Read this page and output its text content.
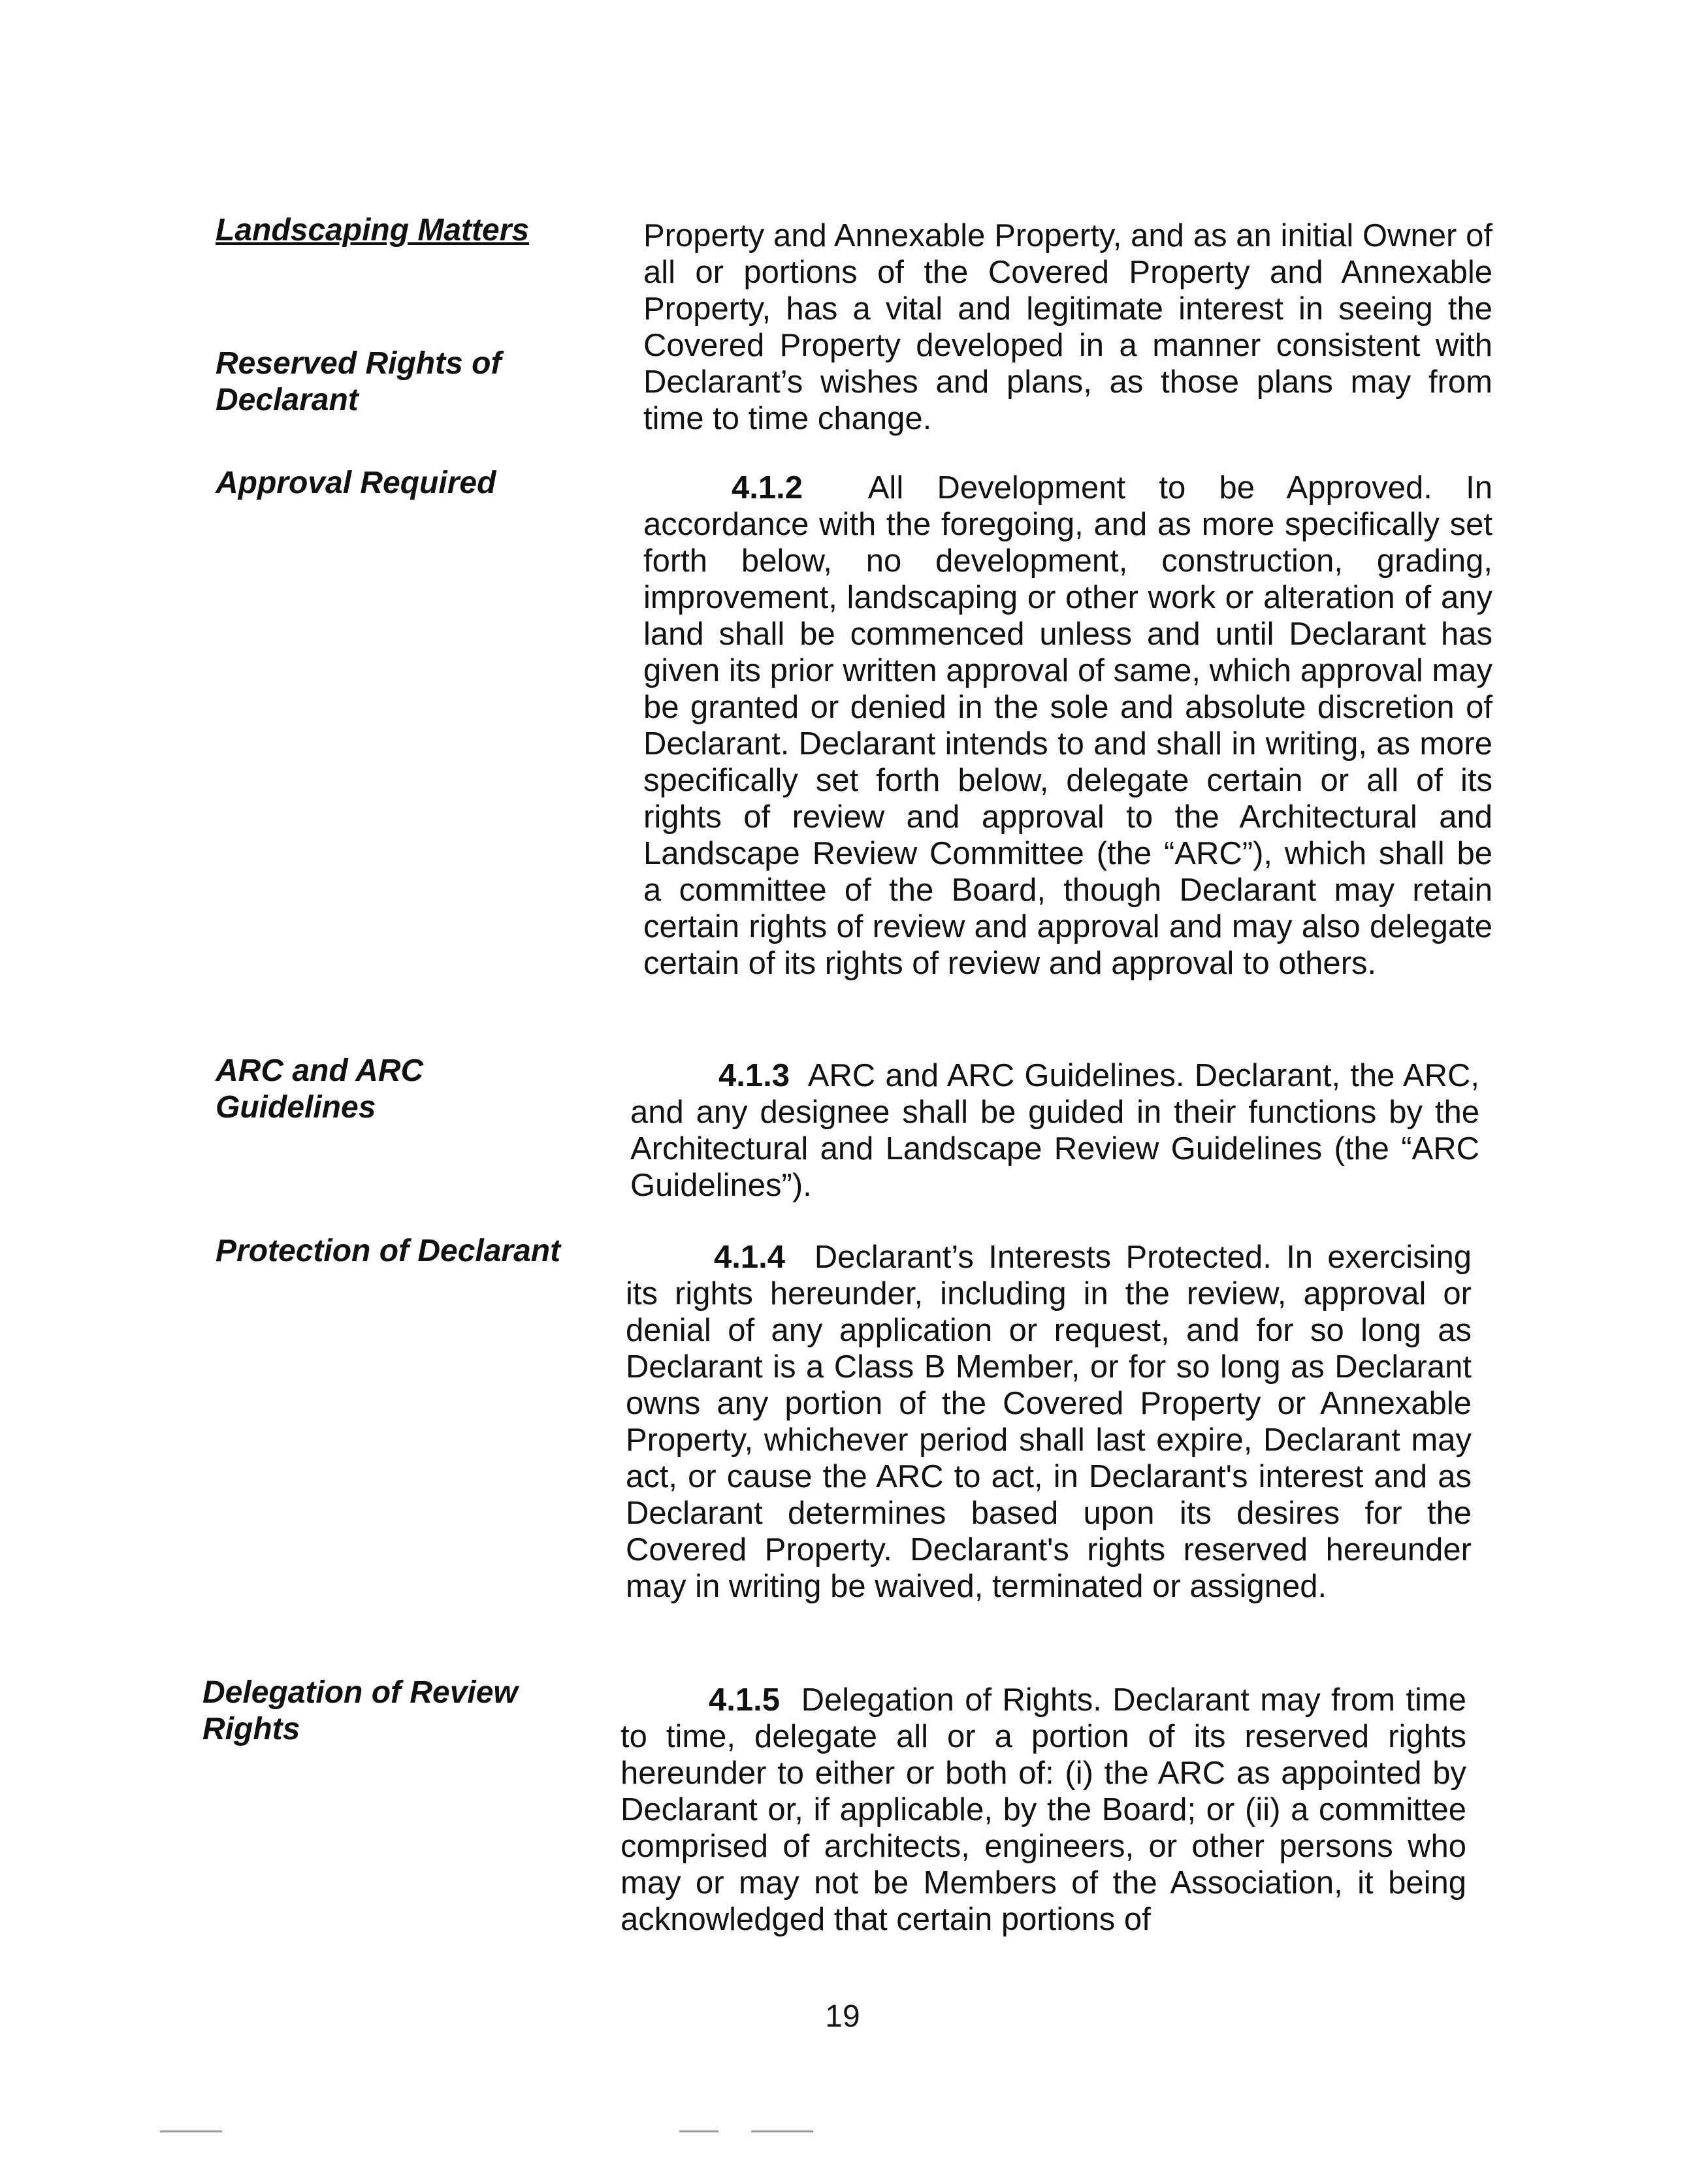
Landscaping Matters
Reserved Rights of Declarant
Approval Required
ARC and ARC Guidelines
Protection of Declarant
Delegation of Review Rights
Property and Annexable Property, and as an initial Owner of all or portions of the Covered Property and Annexable Property, has a vital and legitimate interest in seeing the Covered Property developed in a manner consistent with Declarant’s wishes and plans, as those plans may from time to time change.
4.1.2 All Development to be Approved. In accordance with the foregoing, and as more specifically set forth below, no development, construction, grading, improvement, landscaping or other work or alteration of any land shall be commenced unless and until Declarant has given its prior written approval of same, which approval may be granted or denied in the sole and absolute discretion of Declarant. Declarant intends to and shall in writing, as more specifically set forth below, delegate certain or all of its rights of review and approval to the Architectural and Landscape Review Committee (the “ARC”), which shall be a committee of the Board, though Declarant may retain certain rights of review and approval and may also delegate certain of its rights of review and approval to others.
4.1.3 ARC and ARC Guidelines. Declarant, the ARC, and any designee shall be guided in their functions by the Architectural and Landscape Review Guidelines (the “ARC Guidelines”).
4.1.4 Declarant’s Interests Protected. In exercising its rights hereunder, including in the review, approval or denial of any application or request, and for so long as Declarant is a Class B Member, or for so long as Declarant owns any portion of the Covered Property or Annexable Property, whichever period shall last expire, Declarant may act, or cause the ARC to act, in Declarant's interest and as Declarant determines based upon its desires for the Covered Property. Declarant's rights reserved hereunder may in writing be waived, terminated or assigned.
4.1.5 Delegation of Rights. Declarant may from time to time, delegate all or a portion of its reserved rights hereunder to either or both of: (i) the ARC as appointed by Declarant or, if applicable, by the Board; or (ii) a committee comprised of architects, engineers, or other persons who may or may not be Members of the Association, it being acknowledged that certain portions of
19
